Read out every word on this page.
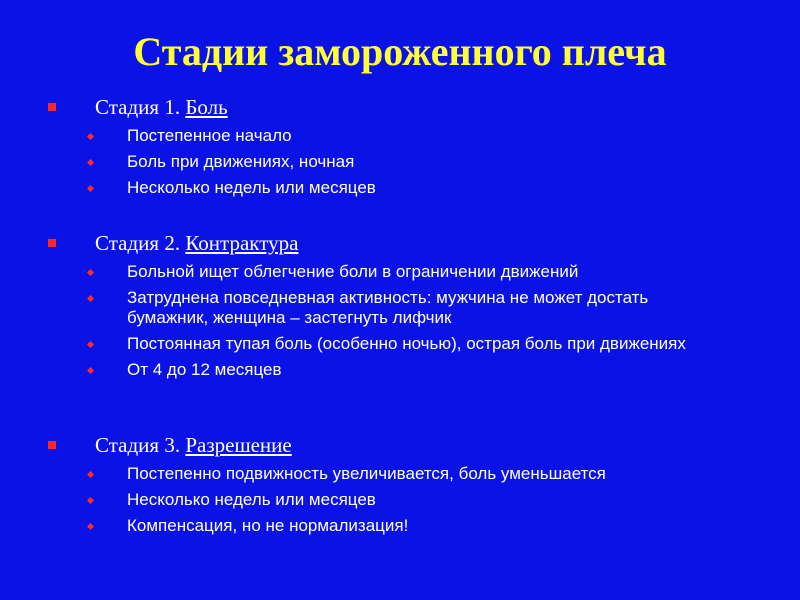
Стадии замороженного плеча
Стадия 1. Боль
Постепенное начало
Боль при движениях, ночная
Несколько недель или месяцев
Стадия 2. Контрактура
Больной ищет облегчение боли в ограничении движений
Затруднена повседневная активность: мужчина не может достать бумажник, женщина – застегнуть лифчик
Постоянная тупая боль (особенно ночью), острая боль при движениях
От 4 до 12 месяцев
Стадия 3. Разрешение
Постепенно подвижность увеличивается, боль уменьшается
Несколько недель или месяцев
Компенсация, но не нормализация!
